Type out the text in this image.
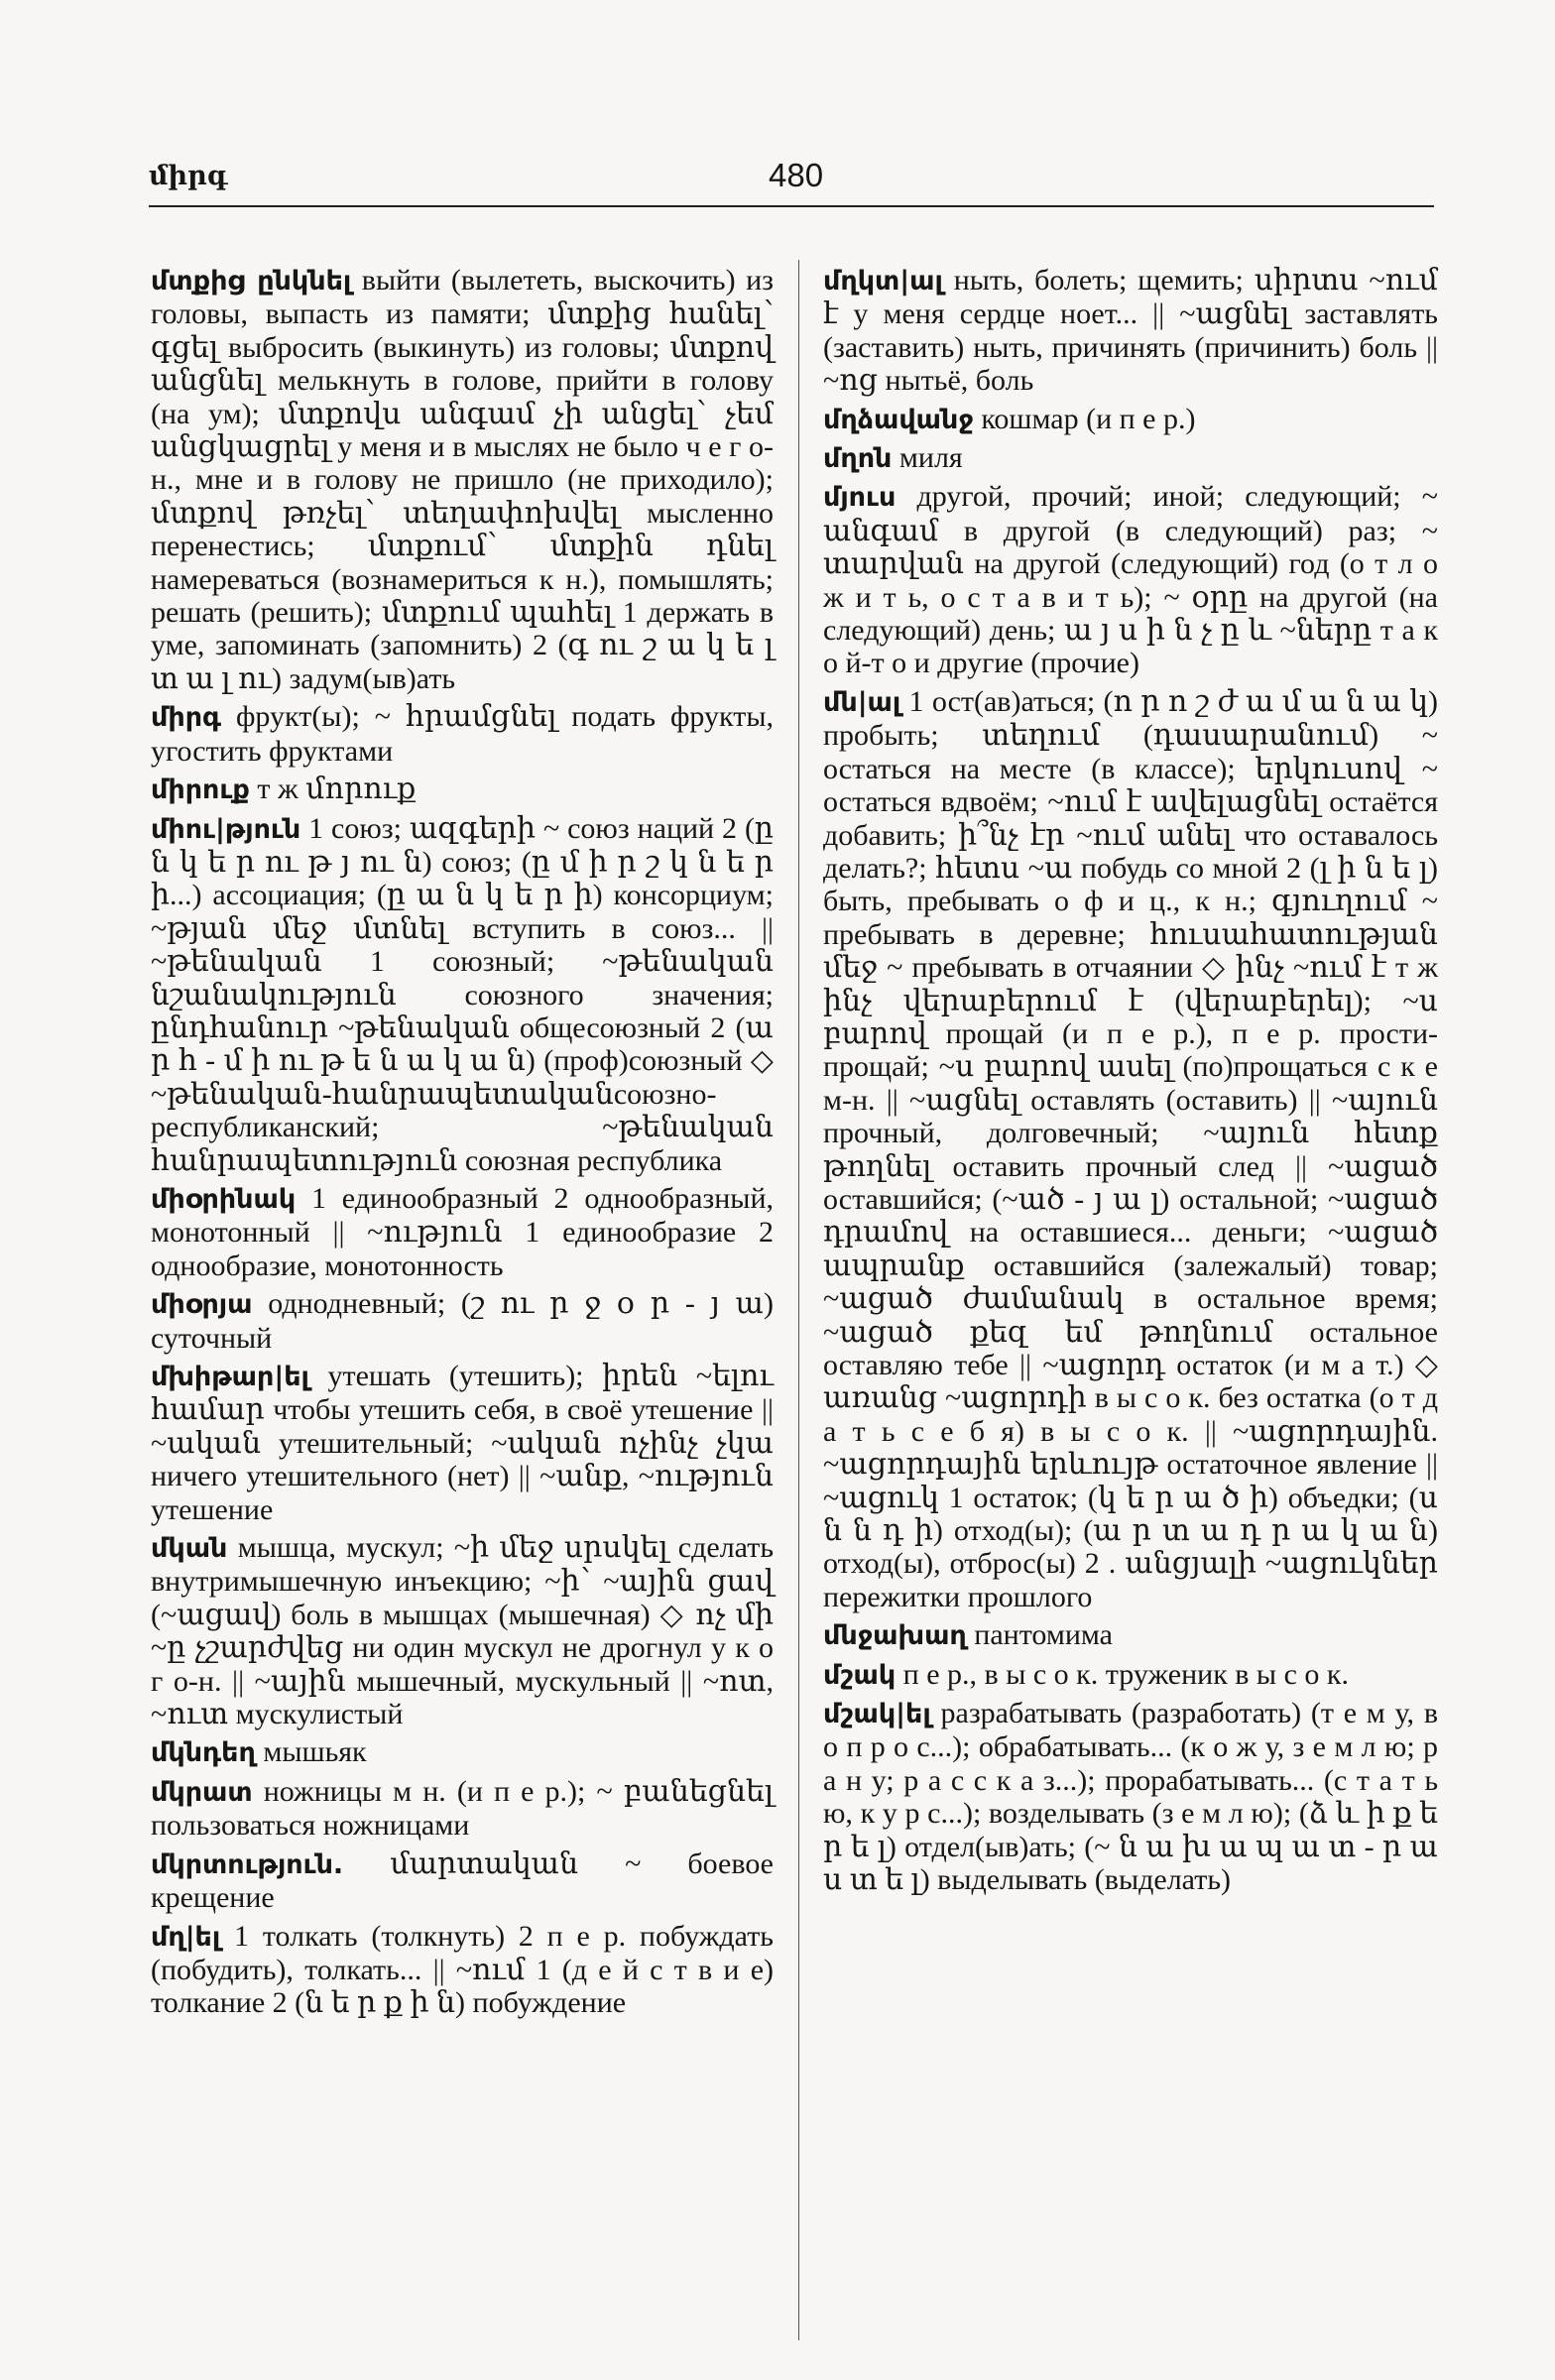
միրգ	480
մտքից ընկնել выйти (вылететь, выскочить) из головы, выпасть из памяти; մտքից հանել՝ գցել выбросить (выкинуть) из головы; մտքով անցնել мелькнуть в голове, прийти в голову (на ум); մտքովս անգամ չի անցել՝ չեմ անցկացրել у меня и в мыслях не было ч е г о-н., мне и в голову не пришло (не приходило); մտքով թռչել՝ տեղափոխվել мысленно перенестись; մտքում՝ մտքին դնել намереваться (вознамериться к н.), помышлять; решать (решить); մտքում պահել 1 держать в уме, запоминать (запомнить) 2 (գ ու շ ա կ ե լ տ ա լ ու) задум(ыв)ать
միրգ фрукт(ы); ~ հրամցնել подать фрукты, угостить фруктами
միրուք т ж մորուք
միու|թյուն 1 союз; ազգերի ~ союз наций 2 (ը ն կ ե ր ու թ յ ու ն) союз; (ը մ ի ր շ կ ն ե ր ի...) ассоциация; (ը ա ն կ ե ր ի) консорциум; ~թյան մեջ մտնել вступить в союз... || ~թենական 1 союзный; ~թենական նշանակություն союзного значения; ընդհանուր ~թենական общесоюзный 2 (ա ր հ - մ ի ու թ ե ն ա կ ա ն) (проф)союзный ◇ ~թենական-հանրապետականсоюзно-республиканский; ~թենական հանրապետություն союзная республика
միօրինակ 1 единообразный 2 однообразный, монотонный || ~ություն 1 единообразие 2 однообразие, монотонность
միօրյա однодневный; (շ ու ր ջ օ ր - յ ա) суточный
մխիթար|ել утешать (утешить); իրեն ~ելու համար чтобы утешить себя, в своё утешение || ~ական утешительный; ~ական ոչինչ չկա ничего утешительного (нет) || ~անք, ~ություն утешение
մկան мышца, мускул; ~ի մեջ սրսկել сделать внутримышечную инъекцию; ~ի՝ ~ային ցավ (~ացավ) боль в мышцах (мышечная) ◇ ոչ մի ~ը չշարժվեց ни один мускул не дрогнул у к о г о-н. || ~ային мышечный, мускульный || ~ոտ, ~ուտ мускулистый
մկնդեղ мышьяк
մկրատ ножницы м н. (и п е р.); ~ բանեցնել пользоваться ножницами
մկրտություն. մարտական ~ боевое крещение
մղ|ել 1 толкать (толкнуть) 2 п е р. побуждать (побудить), толкать... || ~ում 1 (д е й с т в и е) толкание 2 (ն ե ր ք ի ն) побуждение
մղկտ|ալ ныть, болеть; щемить; սիրտս ~ում է у меня сердце ноет... || ~ացնել заставлять (заставить) ныть, причинять (причинить) боль || ~ոց нытьё, боль
մղձավանջ кошмар (и п е р.)
մղոն миля
մյուս другой, прочий; иной; следующий; ~ անգամ в другой (в следующий) раз; ~ տարվան на другой (следующий) год (о т л о ж и т ь, о с т а в и т ь); ~ օրը на другой (на следующий) день; ա յ ս ի ն չ ը և ~ները т а к о й-т о и другие (прочие)
մն|ալ 1 ост(ав)аться; (ո ր ո շ ժ ա մ ա ն ա կ) пробыть; տեղում (դասարանում) ~ остаться на месте (в классе); երկուսով ~ остаться вдвоём; ~ում է ավելացնել остаётся добавить; ի՞նչ էր ~ում անել что оставалось делать?; հետս ~ա побудь со мной 2 (լ ի ն ե լ) быть, пребывать о ф и ц., к н.; գյուղում ~ пребывать в деревне; հուսահատության մեջ ~ пребывать в отчаянии ◇ ինչ ~ում է т ж ինչ վերաբերում է (վերաբերել); ~ս բարով прощай (и п е р.), п е р. прости-прощай; ~ս բարով ասել (по)прощаться с к е м-н. || ~ացնել оставлять (оставить) || ~այուն прочный, долговечный; ~այուն հետք թողնել оставить прочный след || ~ացած оставшийся; (~ած - յ ա լ) остальной; ~ացած դրամով на оставшиеся... деньги; ~ացած ապրանք оставшийся (залежалый) товар; ~ացած ժամանակ в остальное время; ~ացած քեզ եմ թողնում остальное оставляю тебе || ~ացորդ остаток (и м а т.) ◇ առանց ~ացորդի в ы с о к. без остатка (о т д а т ь с е б я) в ы с о к. || ~ացորդային. ~ացորդային երևույթ остаточное явление || ~ացուկ 1 остаток; (կ ե ր ա ծ ի) объедки; (ս ն ն դ ի) отход(ы); (ա ր տ ա դ ր ա կ ա ն) отход(ы), отброс(ы) 2 . անցյալի ~ացուկներ пережитки прошлого
մնջախաղ пантомима
մշակ п е р., в ы с о к. труженик в ы с о к.
մշակ|ել разрабатывать (разработать) (т е м у, в о п р о с...); обрабатывать... (к о ж у, з е м л ю; р а н у; р а с с к а з...); прорабатывать... (с т а т ь ю, к у р с...); возделывать (з е м л ю); (ձ և ի ք ե ր ե լ) отдел(ыв)ать; (~ ն ա խ ա պ ա տ - ր ա ս տ ե լ) выделывать (выделать)
